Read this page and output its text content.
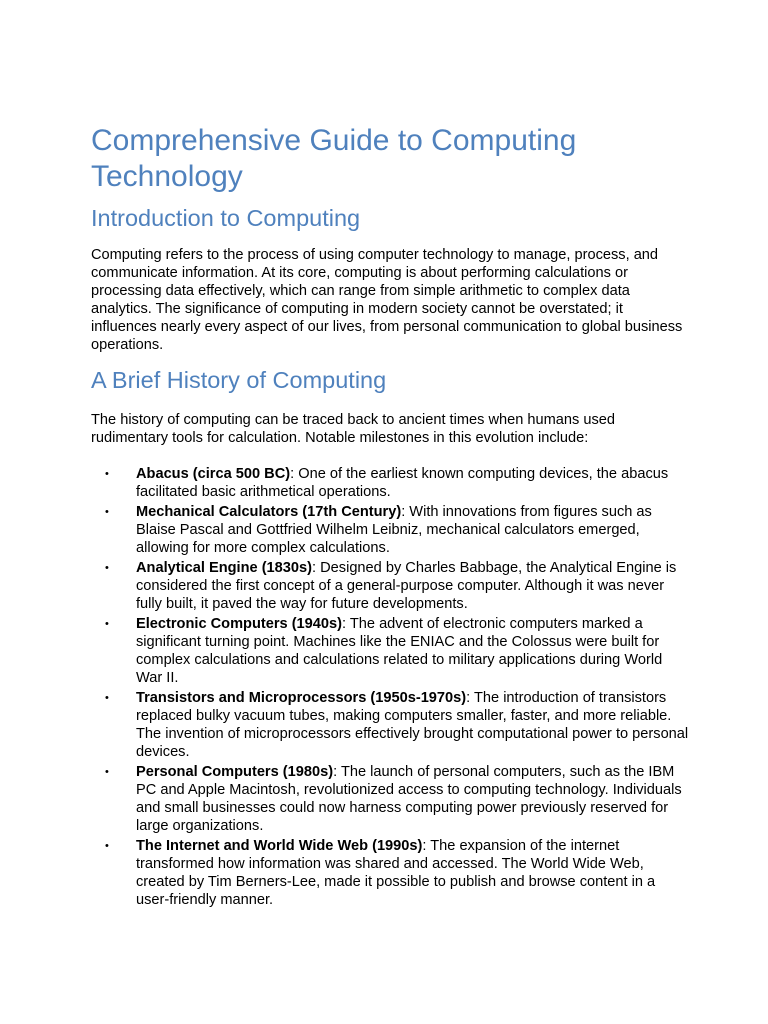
Comprehensive Guide to Computing Technology
Introduction to Computing

Computing refers to the process of using computer technology to manage, process, and communicate information. At its core, computing is about performing calculations or processing data effectively, which can range from simple arithmetic to complex data analytics. The significance of computing in modern society cannot be overstated; it influences nearly every aspect of our lives, from personal communication to global business operations.

A Brief History of Computing

The history of computing can be traced back to ancient times when humans used rudimentary tools for calculation. Notable milestones in this evolution include:

• Abacus (circa 500 BC): One of the earliest known computing devices, the abacus facilitated basic arithmetical operations.
• Mechanical Calculators (17th Century): With innovations from figures such as Blaise Pascal and Gottfried Wilhelm Leibniz, mechanical calculators emerged, allowing for more complex calculations.
• Analytical Engine (1830s): Designed by Charles Babbage, the Analytical Engine is considered the first concept of a general-purpose computer. Although it was never fully built, it paved the way for future developments.
• Electronic Computers (1940s): The advent of electronic computers marked a significant turning point. Machines like the ENIAC and the Colossus were built for complex calculations and calculations related to military applications during World War II.
• Transistors and Microprocessors (1950s-1970s): The introduction of transistors replaced bulky vacuum tubes, making computers smaller, faster, and more reliable. The invention of microprocessors effectively brought computational power to personal devices.
• Personal Computers (1980s): The launch of personal computers, such as the IBM PC and Apple Macintosh, revolutionized access to computing technology. Individuals and small businesses could now harness computing power previously reserved for large organizations.
• The Internet and World Wide Web (1990s): The expansion of the internet transformed how information was shared and accessed. The World Wide Web, created by Tim Berners-Lee, made it possible to publish and browse content in a user-friendly manner.
